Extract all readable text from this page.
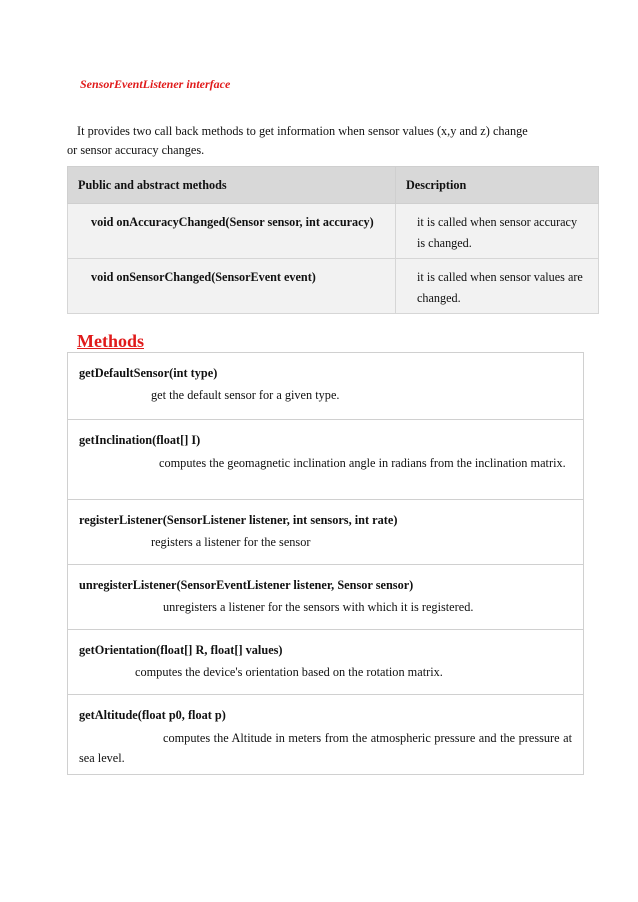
SensorEventListener interface
It provides two call back methods to get information when sensor values (x,y and z) change
or sensor accuracy changes.
Public and abstract methods	Description
void onAccuracyChanged(Sensor sensor, int accuracy)	it is called when sensor accuracy is changed.
void onSensorChanged(SensorEvent event)	it is called when sensor values are changed.
Methods
getDefaultSensor(int type)
get the default sensor for a given type.
getInclination(float[] I)
computes the geomagnetic inclination angle in radians from the inclination matrix.
registerListener(SensorListener listener, int sensors, int rate)
registers a listener for the sensor
unregisterListener(SensorEventListener listener, Sensor sensor)
unregisters a listener for the sensors with which it is registered.
getOrientation(float[] R, float[] values)
computes the device's orientation based on the rotation matrix.
getAltitude(float p0, float p)
computes the Altitude in meters from the atmospheric pressure and the pressure at sea level.
